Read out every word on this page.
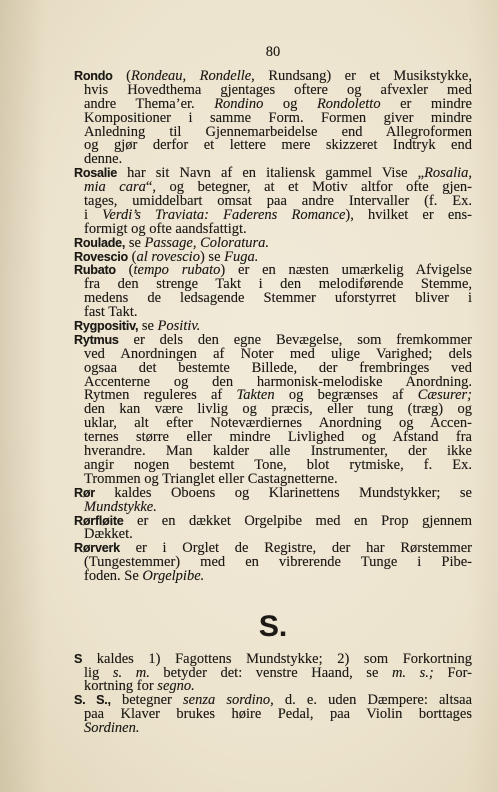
80
Rondo (Rondeau, Rondelle, Rundsang) er et Musikstykke,
hvis Hovedthema gjentages oftere og afvexler med
andre Thema’er. Rondino og Rondoletto er mindre
Kompositioner i samme Form. Formen giver mindre
Anledning til Gjennemarbeidelse end Allegroformen
og gjør derfor et lettere mere skizzeret Indtryk end
denne.
Rosalie har sit Navn af en italiensk gammel Vise „Rosalia,
mia cara“, og betegner, at et Motiv altfor ofte gjen-
tages, umiddelbart omsat paa andre Intervaller (f. Ex.
i Verdi’s Traviata: Faderens Romance), hvilket er ens-
formigt og ofte aandsfattigt.
Roulade, se Passage, Coloratura.
Rovescio (al rovescio) se Fuga.
Rubato (tempo rubato) er en næsten umærkelig Afvigelse
fra den strenge Takt i den melodiførende Stemme,
medens de ledsagende Stemmer uforstyrret bliver i
fast Takt.
Rygpositiv, se Positiv.
Rytmus er dels den egne Bevægelse, som fremkommer
ved Anordningen af Noter med ulige Varighed; dels
ogsaa det bestemte Billede, der frembringes ved
Accenterne og den harmonisk-melodiske Anordning.
Rytmen reguleres af Takten og begrænses af Cæsurer;
den kan være livlig og præcis, eller tung (træg) og
uklar, alt efter Noteværdiernes Anordning og Accen-
ternes større eller mindre Livlighed og Afstand fra
hverandre. Man kalder alle Instrumenter, der ikke
angir nogen bestemt Tone, blot rytmiske, f. Ex.
Trommen og Trianglet eller Castagnetterne.
Rør kaldes Oboens og Klarinettens Mundstykker; se
Mundstykke.
Rørfløite er en dækket Orgelpibe med en Prop gjennem
Dækket.
Rørverk er i Orglet de Registre, der har Rørstemmer
(Tungestemmer) med en vibrerende Tunge i Pibe-
foden. Se Orgelpibe.
S.
S kaldes 1) Fagottens Mundstykke; 2) som Forkortning
lig s. m. betyder det: venstre Haand, se m. s.; For-
kortning for segno.
S. S., betegner senza sordino, d. e. uden Dæmpere: altsaa
paa Klaver brukes høire Pedal, paa Violin borttages
Sordinen.
